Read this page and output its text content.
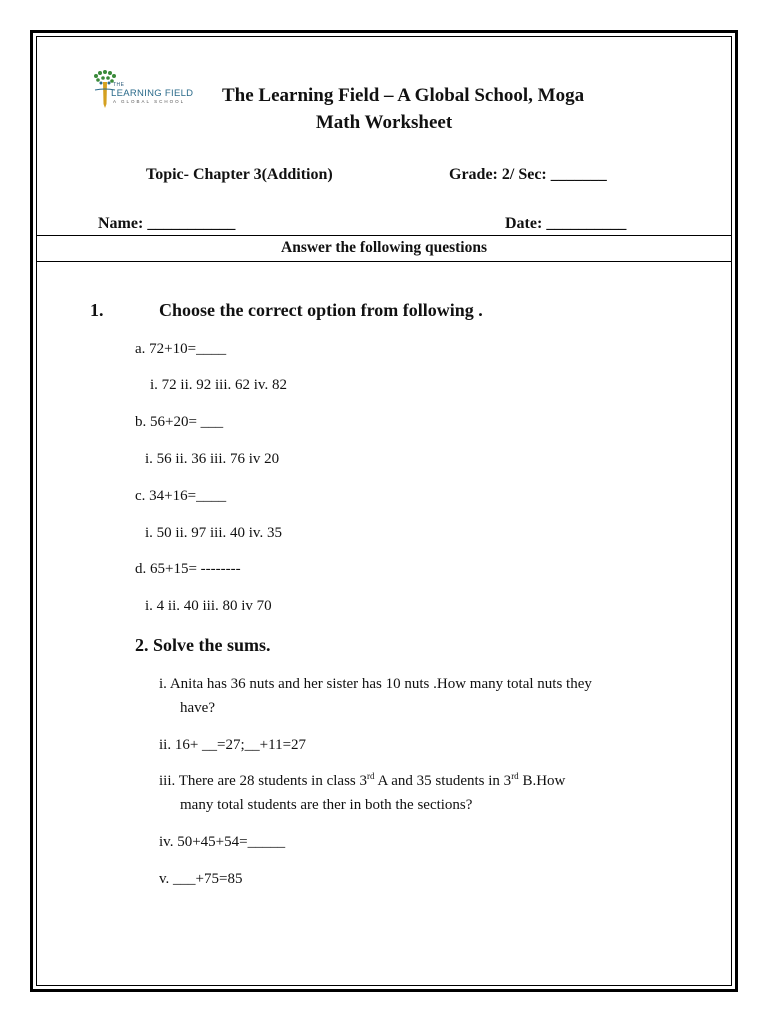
THE
LEARNING FIELD
A GLOBAL SCHOOL The Learning Field – A Global School, Moga
Math Worksheet
Topic- Chapter 3(Addition)	Grade: 2/ Sec: _______
Name: ___________	Date: __________
Answer the following questions
1.	Choose the correct option from following .
a. 72+10=____
i. 72 ii. 92 iii. 62 iv. 82
b. 56+20= ___
i. 56 ii. 36 iii. 76 iv 20
c. 34+16=____
i. 50 ii. 97 iii. 40 iv. 35
d. 65+15= --------
i. 4 ii. 40 iii. 80 iv 70
2. Solve the sums.
i. Anita has 36 nuts and her sister has 10 nuts .How many total nuts they
have?
ii. 16+ __=27;__+11=27
iii. There are 28 students in class 3rd A and 35 students in 3rd B.How
many total students are ther in both the sections?
iv. 50+45+54=_____
v. ___+75=85
